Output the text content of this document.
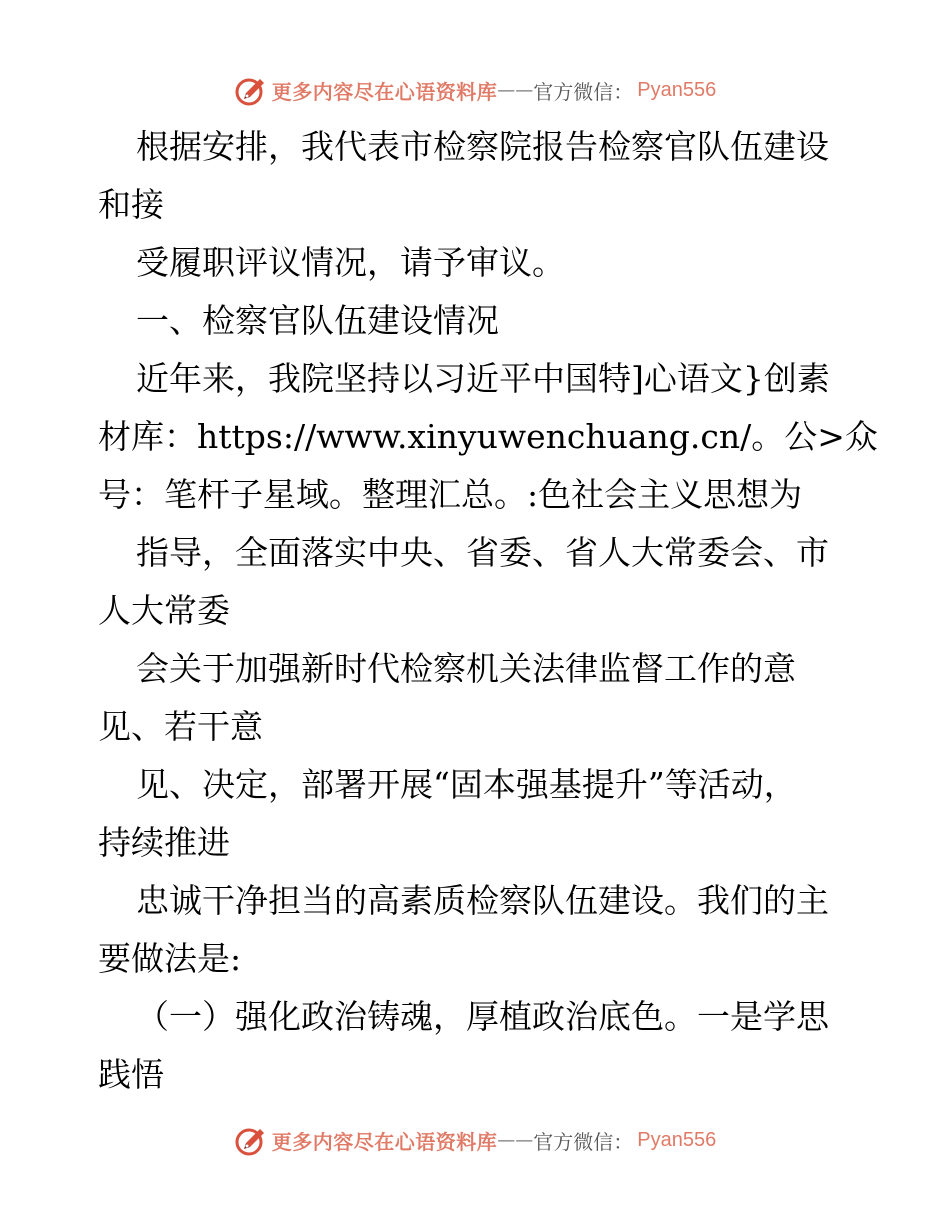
更多内容尽在心语资料库 —— 官方微信： Pyan556
根据安排，我代表市检察院报告检察官队伍建设
和接
受履职评议情况，请予审议。
一、检察官队伍建设情况
近年来，我院坚持以习近平中国特]心语文}创素
材库：https://www.xinyuwenchuang.cn/。公>众
号：笔杆子星域。整理汇总。:色社会主义思想为
指导，全面落实中央、省委、省人大常委会、市
人大常委
会关于加强新时代检察机关法律监督工作的意
见、若干意
见、决定，部署开展“固本强基提升”等活动，
持续推进
忠诚干净担当的高素质检察队伍建设。我们的主
要做法是:
（一）强化政治铸魂，厚植政治底色。一是学思
践悟
更多内容尽在心语资料库 —— 官方微信： Pyan556
